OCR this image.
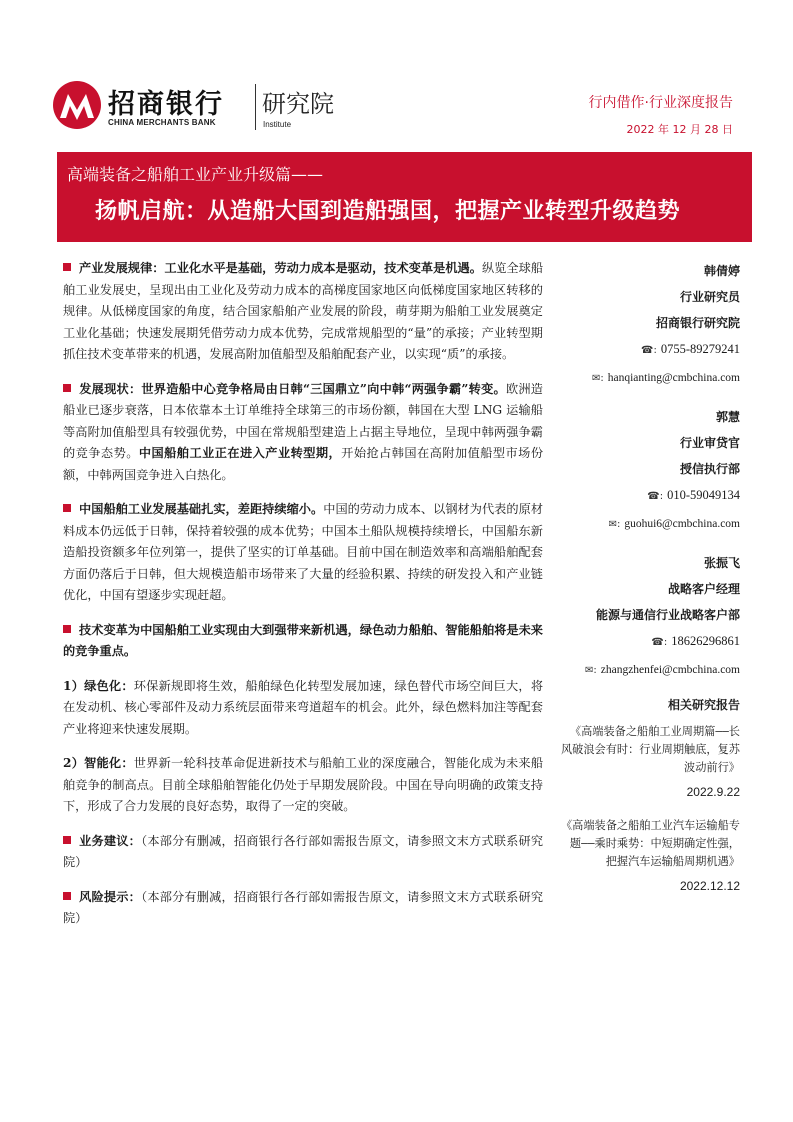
招商银行
CHINA MERCHANTS BANK
研究院
Institute
行内借作·行业深度报告
2022 年 12 月 28 日
高端装备之船舶工业产业升级篇——
扬帆启航：从造船大国到造船强国，把握产业转型升级趋势
产业发展规律：工业化水平是基础，劳动力成本是驱动，技术变革是机遇。纵览全球船舶工业发展史，呈现出由工业化及劳动力成本的高梯度国家地区向低梯度国家地区转移的规律。从低梯度国家的角度，结合国家船舶产业发展的阶段，萌芽期为船舶工业发展奠定工业化基础；快速发展期凭借劳动力成本优势，完成常规船型的“量”的承接；产业转型期抓住技术变革带来的机遇，发展高附加值船型及船舶配套产业，以实现“质”的承接。
发展现状：世界造船中心竞争格局由日韩“三国鼎立”向中韩“两强争霸”转变。欧洲造船业已逐步衰落，日本依靠本土订单维持全球第三的市场份额，韩国在大型 LNG 运输船等高附加值船型具有较强优势，中国在常规船型建造上占据主导地位，呈现中韩两强争霸的竞争态势。中国船舶工业正在进入产业转型期，开始抢占韩国在高附加值船型市场份额，中韩两国竞争进入白热化。
中国船舶工业发展基础扎实，差距持续缩小。中国的劳动力成本、以钢材为代表的原材料成本仍远低于日韩，保持着较强的成本优势；中国本土船队规模持续增长，中国船东新造船投资额多年位列第一，提供了坚实的订单基础。目前中国在制造效率和高端船舶配套方面仍落后于日韩，但大规模造船市场带来了大量的经验积累、持续的研发投入和产业链优化，中国有望逐步实现赶超。
技术变革为中国船舶工业实现由大到强带来新机遇，绿色动力船舶、智能船舶将是未来的竞争重点。
1）绿色化：环保新规即将生效，船舶绿色化转型发展加速，绿色替代市场空间巨大，将在发动机、核心零部件及动力系统层面带来弯道超车的机会。此外，绿色燃料加注等配套产业将迎来快速发展期。
2）智能化：世界新一轮科技革命促进新技术与船舶工业的深度融合，智能化成为未来船舶竞争的制高点。目前全球船舶智能化仍处于早期发展阶段。中国在导向明确的政策支持下，形成了合力发展的良好态势，取得了一定的突破。
业务建议：（本部分有删减，招商银行各行部如需报告原文，请参照文末方式联系研究院）
风险提示：（本部分有删减，招商银行各行部如需报告原文，请参照文末方式联系研究院）
韩倩婷
行业研究员
招商银行研究院
☎: 0755-89279241
✉: hanqianting@cmbchina.com
郭慧
行业审贷官
授信执行部
☎: 010-59049134
✉: guohui6@cmbchina.com
张振飞
战略客户经理
能源与通信行业战略客户部
☎: 18626296861
✉: zhangzhenfei@cmbchina.com
相关研究报告
《高端装备之船舶工业周期篇——长风破浪会有时：行业周期触底，复苏波动前行》
2022.9.22
《高端装备之船舶工业汽车运输船专题——乘时乘势：中短期确定性强，把握汽车运输船周期机遇》
2022.12.12
